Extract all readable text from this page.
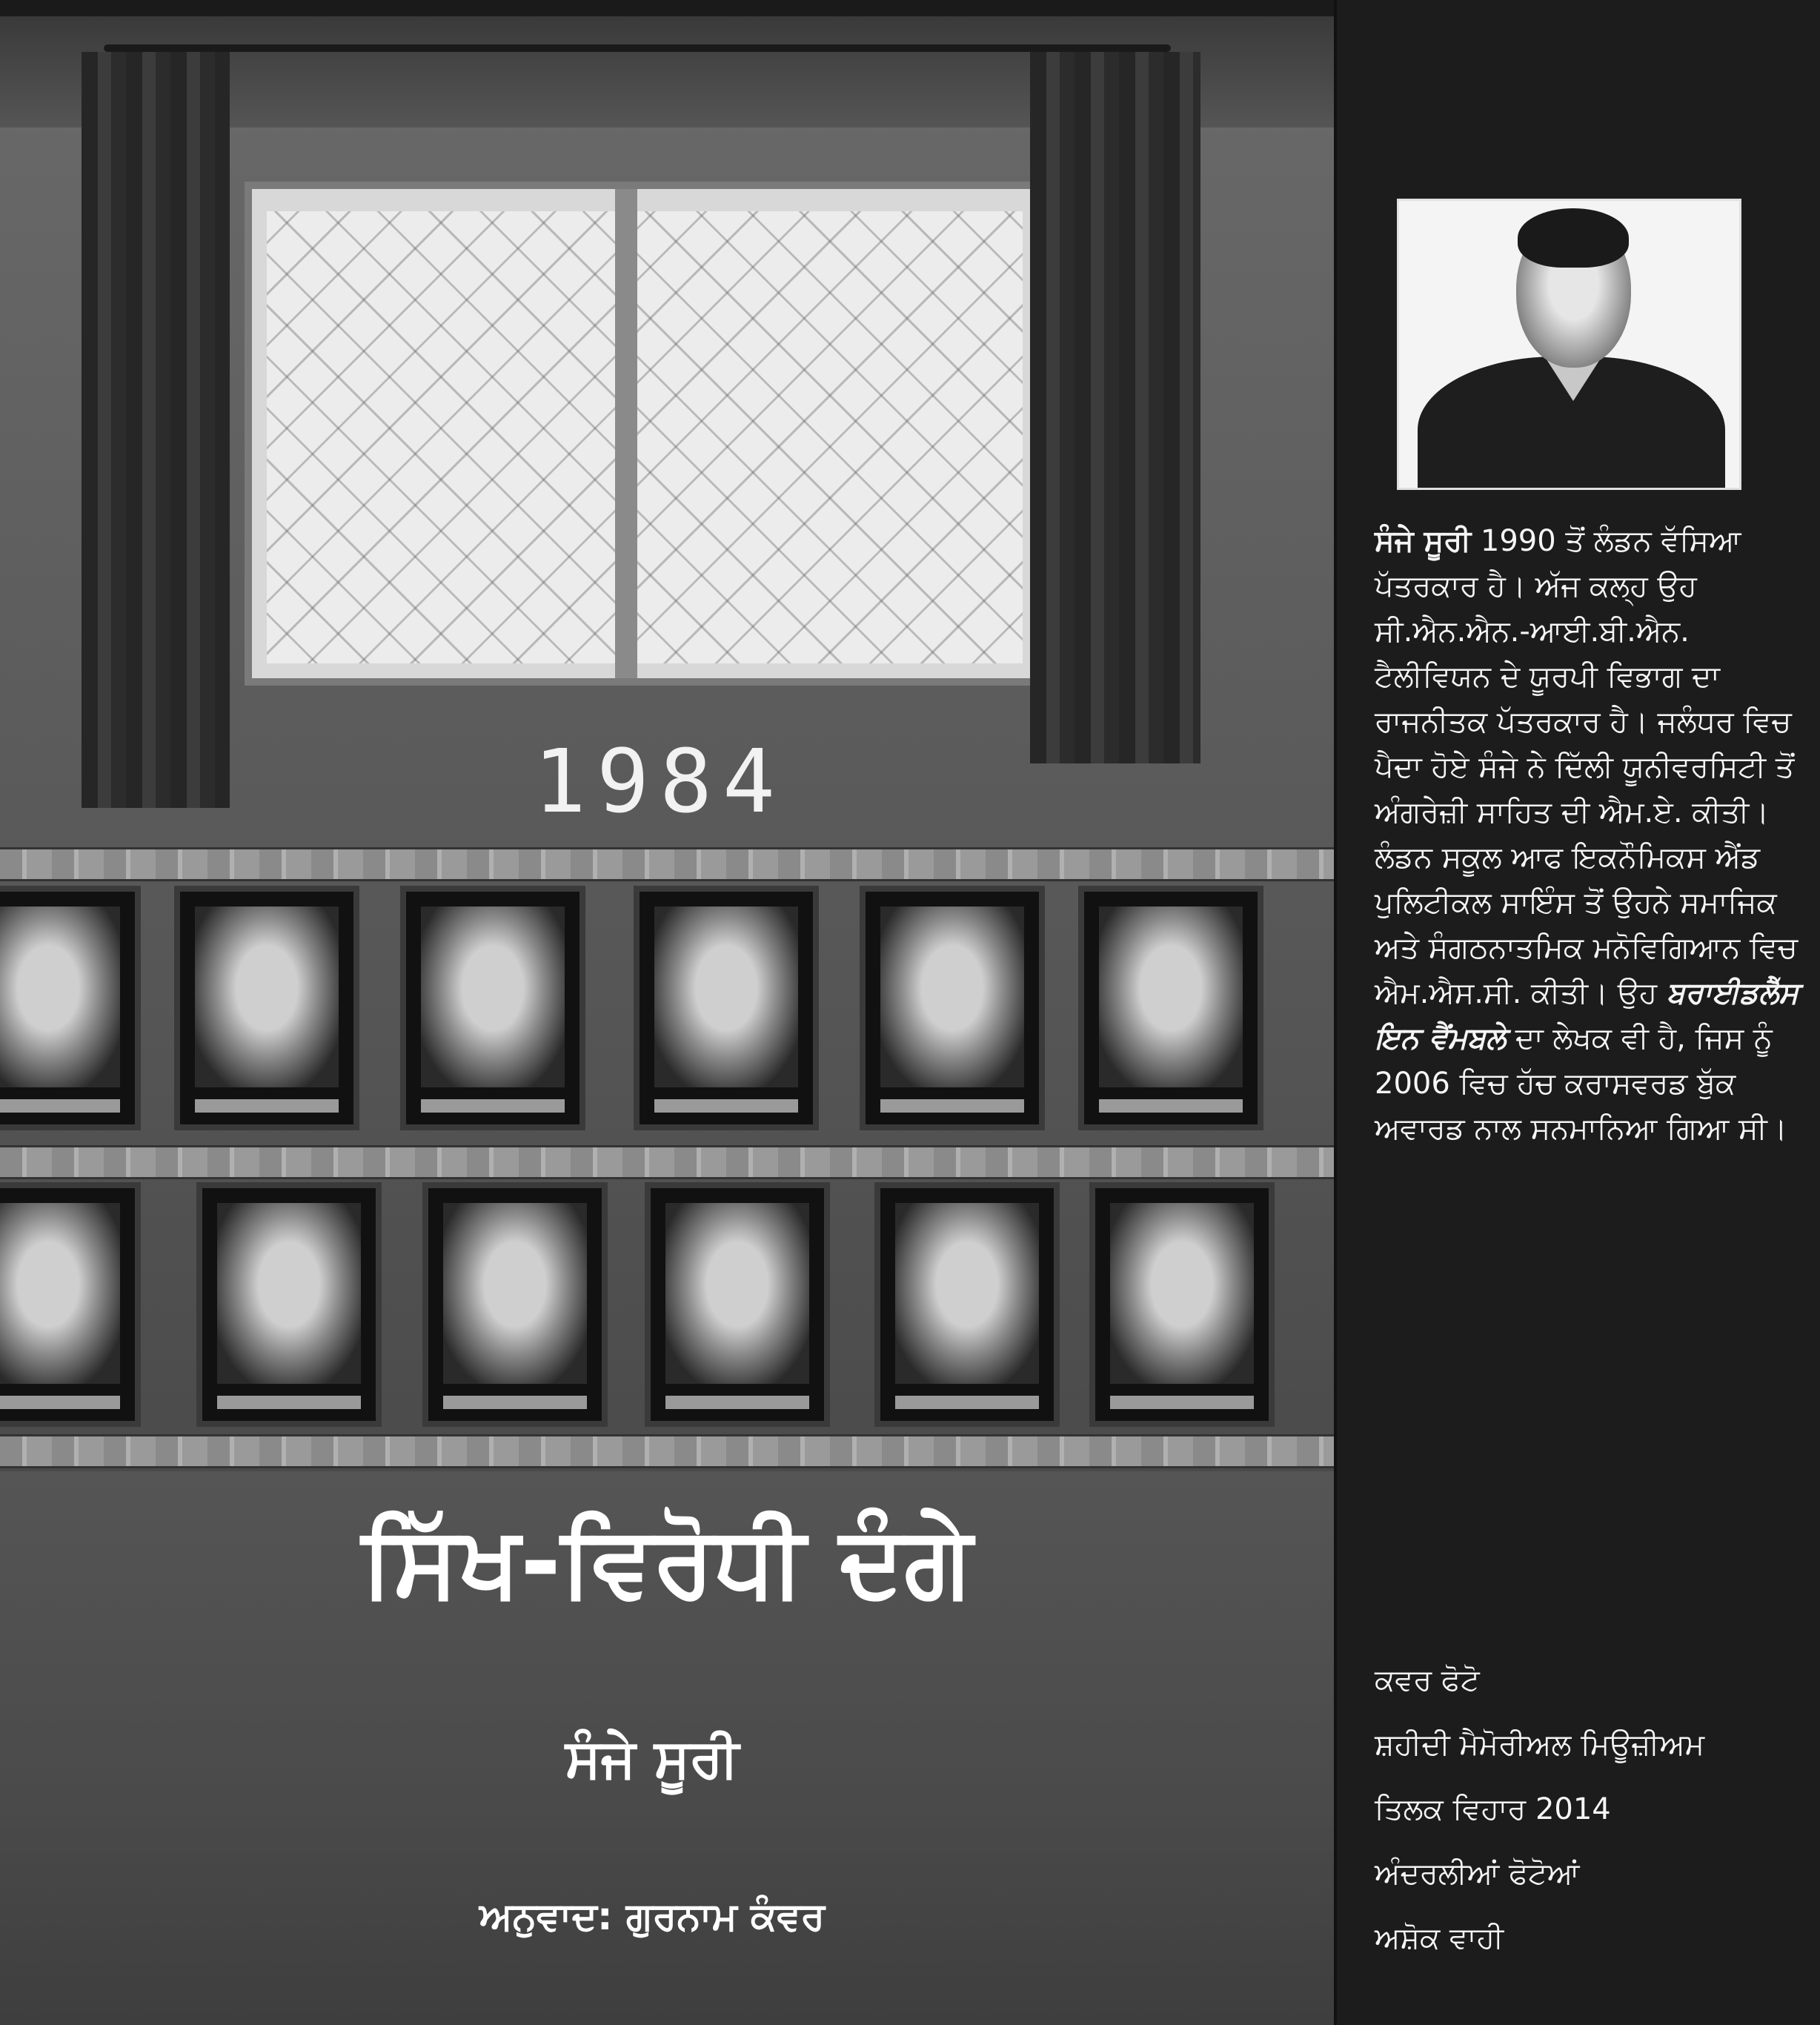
1984
ਸਿੱਖ-ਵਿਰੋਧੀ ਦੰਗੇ
ਸੰਜੇ ਸੂਰੀ
ਅਨੁਵਾਦ: ਗੁਰਨਾਮ ਕੰਵਰ

ਸੰਜੇ ਸੂਰੀ 1990 ਤੋਂ ਲੰਡਨ ਵੱਸਿਆ ਪੱਤਰਕਾਰ ਹੈ। ਅੱਜ ਕਲ੍ਹ ਉਹ ਸੀ.ਐਨ.ਐਨ.-ਆਈ.ਬੀ.ਐਨ. ਟੈਲੀਵਿਯਨ ਦੇ ਯੂਰਪੀ ਵਿਭਾਗ ਦਾ ਰਾਜਨੀਤਕ ਪੱਤਰਕਾਰ ਹੈ। ਜਲੰਧਰ ਵਿਚ ਪੈਦਾ ਹੋਏ ਸੰਜੇ ਨੇ ਦਿੱਲੀ ਯੂਨੀਵਰਸਿਟੀ ਤੋਂ ਅੰਗਰੇਜ਼ੀ ਸਾਹਿਤ ਦੀ ਐਮ.ਏ. ਕੀਤੀ। ਲੰਡਨ ਸਕੂਲ ਆਫ ਇਕਨੌਮਿਕਸ ਐਂਡ ਪੁਲਿਟੀਕਲ ਸਾਇੰਸ ਤੋਂ ਉਹਨੇ ਸਮਾਜਿਕ ਅਤੇ ਸੰਗਠਨਾਤਮਿਕ ਮਨੋਵਿਗਿਆਨ ਵਿਚ ਐਮ.ਐਸ.ਸੀ. ਕੀਤੀ। ਉਹ ਬਰਾਈਡਲੈੱਸ ਇਨ ਵੈਂਮਬਲੇ ਦਾ ਲੇਖਕ ਵੀ ਹੈ, ਜਿਸ ਨੂੰ 2006 ਵਿਚ ਹੱਚ ਕਰਾਸਵਰਡ ਬੁੱਕ ਅਵਾਰਡ ਨਾਲ ਸਨਮਾਨਿਆ ਗਿਆ ਸੀ।

ਕਵਰ ਫੋਟੋ
ਸ਼ਹੀਦੀ ਮੈਮੋਰੀਅਲ ਮਿਊਜ਼ੀਅਮ
ਤਿਲਕ ਵਿਹਾਰ 2014
ਅੰਦਰਲੀਆਂ ਫੋਟੋਆਂ
ਅਸ਼ੋਕ ਵਾਹੀ
